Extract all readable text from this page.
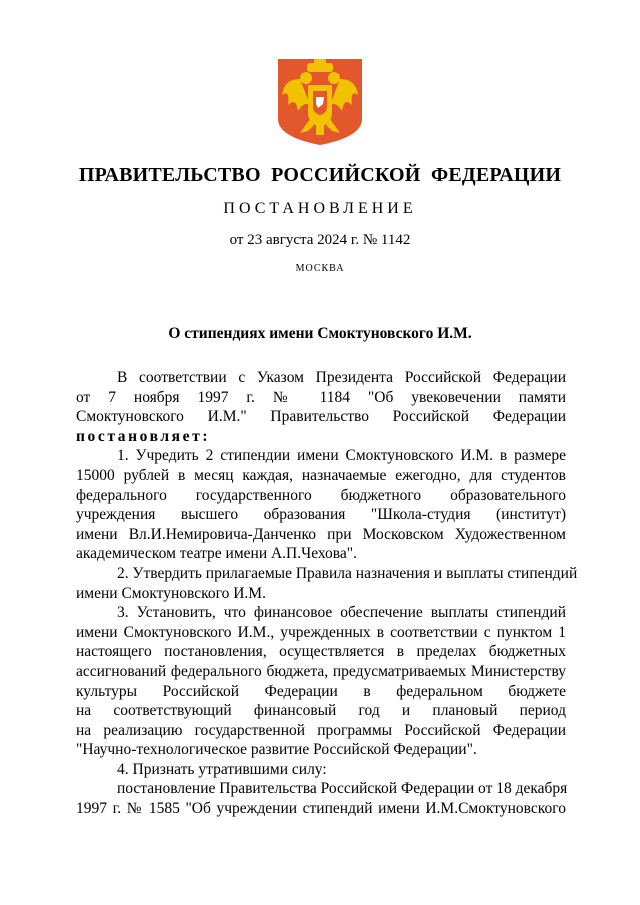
ПРАВИТЕЛЬСТВО  РОССИЙСКОЙ  ФЕДЕРАЦИИ
ПОСТАНОВЛЕНИЕ
от 23 августа 2024 г. № 1142
МОСКВА
О стипендиях имени Смоктуновского И.М.
В соответствии с Указом Президента Российской Федерации
от 7 ноября 1997 г. № 1184 "Об увековечении памяти
Смоктуновского И.М." Правительство Российской Федерации
постановляет:
1. Учредить 2 стипендии имени Смоктуновского И.М. в размере
15000 рублей в месяц каждая, назначаемые ежегодно, для студентов
федерального государственного бюджетного образовательного
учреждения высшего образования "Школа-студия (институт)
имени Вл.И.Немировича-Данченко при Московском Художественном
академическом театре имени А.П.Чехова".
2. Утвердить прилагаемые Правила назначения и выплаты стипендий
имени Смоктуновского И.М.
3. Установить, что финансовое обеспечение выплаты стипендий
имени Смоктуновского И.М., учрежденных в соответствии с пунктом 1
настоящего постановления, осуществляется в пределах бюджетных
ассигнований федерального бюджета, предусматриваемых Министерству
культуры Российской Федерации в федеральном бюджете
на соответствующий финансовый год и плановый период
на реализацию государственной программы Российской Федерации
"Научно-технологическое развитие Российской Федерации".
4. Признать утратившими силу:
постановление Правительства Российской Федерации от 18 декабря
1997 г. № 1585 "Об учреждении стипендий имени И.М.Смоктуновского
